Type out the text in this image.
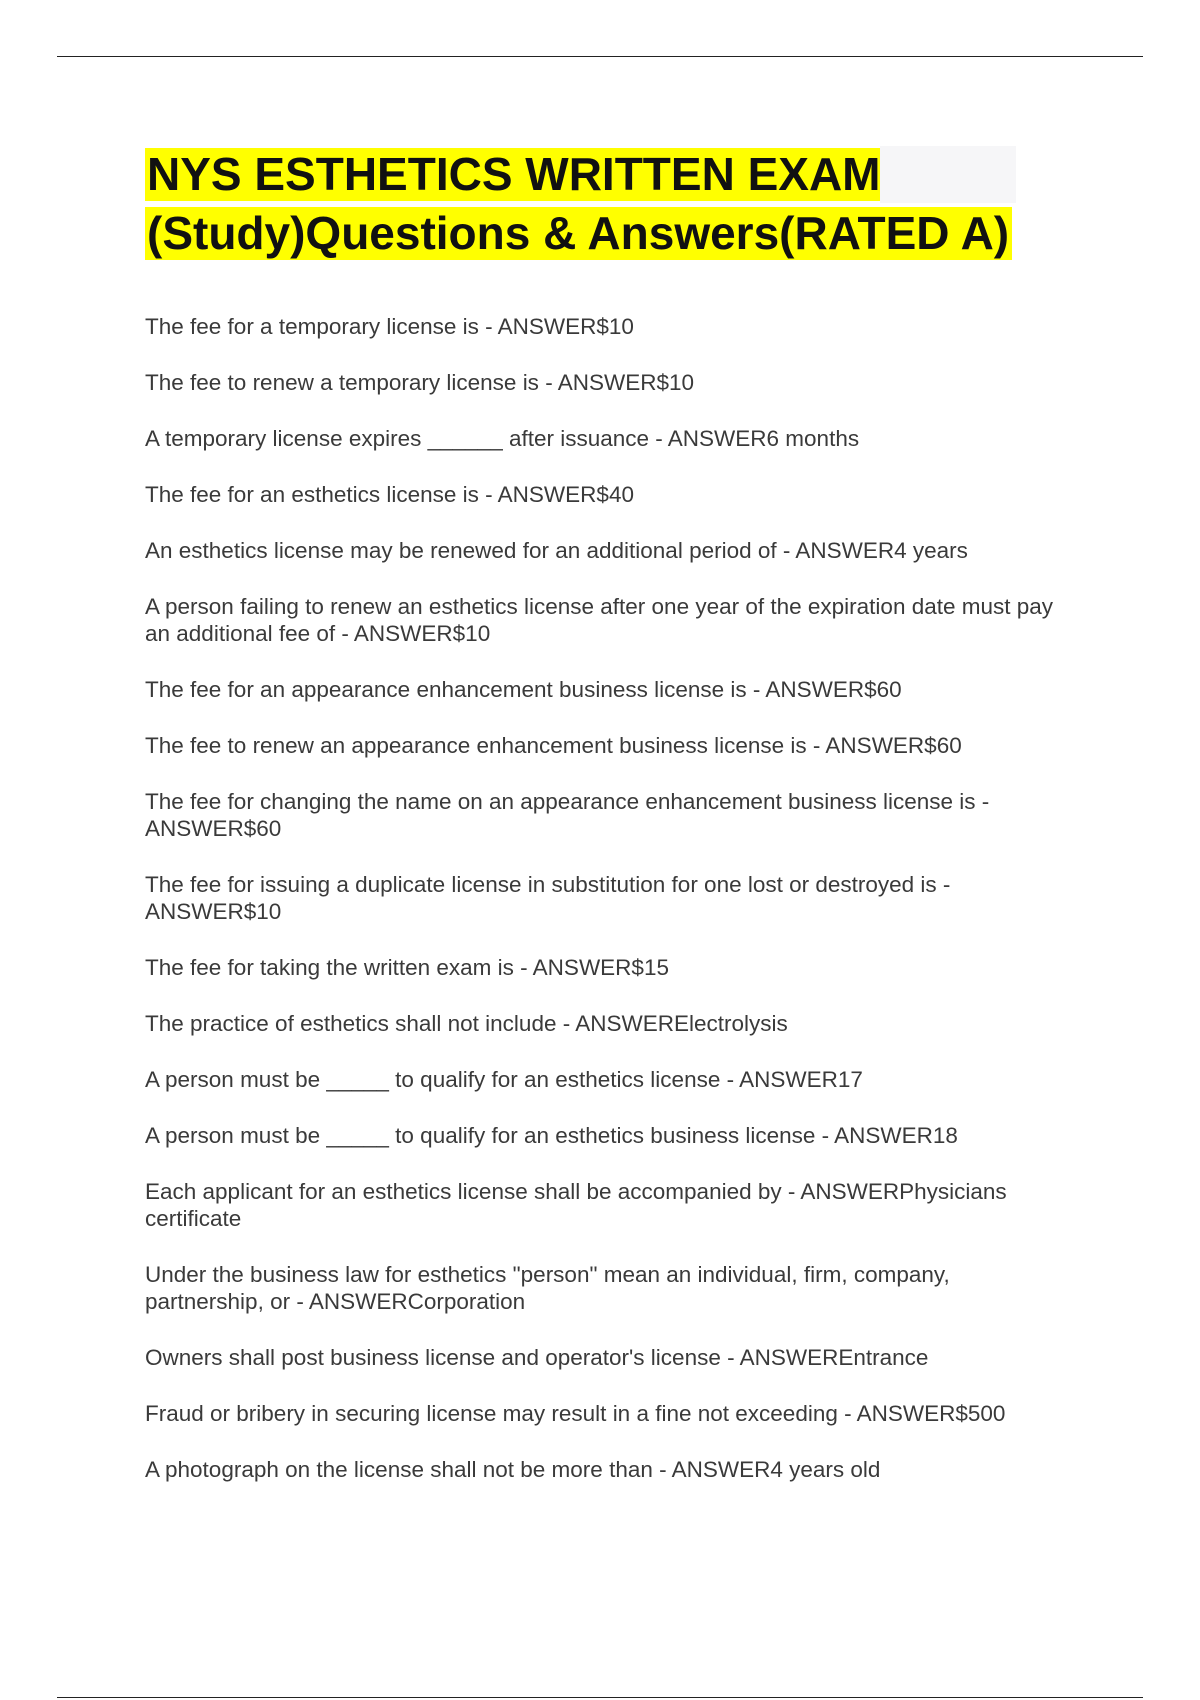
NYS ESTHETICS WRITTEN EXAM
(Study)Questions & Answers(RATED A)
The fee for a temporary license is - ANSWER$10
The fee to renew a temporary license is - ANSWER$10
A temporary license expires ______ after issuance - ANSWER6 months
The fee for an esthetics license is - ANSWER$40
An esthetics license may be renewed for an additional period of - ANSWER4 years
A person failing to renew an esthetics license after one year of the expiration date must pay an additional fee of - ANSWER$10
The fee for an appearance enhancement business license is - ANSWER$60
The fee to renew an appearance enhancement business license is - ANSWER$60
The fee for changing the name on an appearance enhancement business license is - ANSWER$60
The fee for issuing a duplicate license in substitution for one lost or destroyed is - ANSWER$10
The fee for taking the written exam is - ANSWER$15
The practice of esthetics shall not include - ANSWERElectrolysis
A person must be _____ to qualify for an esthetics license - ANSWER17
A person must be _____ to qualify for an esthetics business license - ANSWER18
Each applicant for an esthetics license shall be accompanied by - ANSWERPhysicians certificate
Under the business law for esthetics "person" mean an individual, firm, company, partnership, or - ANSWERCorporation
Owners shall post business license and operator's license - ANSWEREntrance
Fraud or bribery in securing license may result in a fine not exceeding - ANSWER$500
A photograph on the license shall not be more than - ANSWER4 years old
